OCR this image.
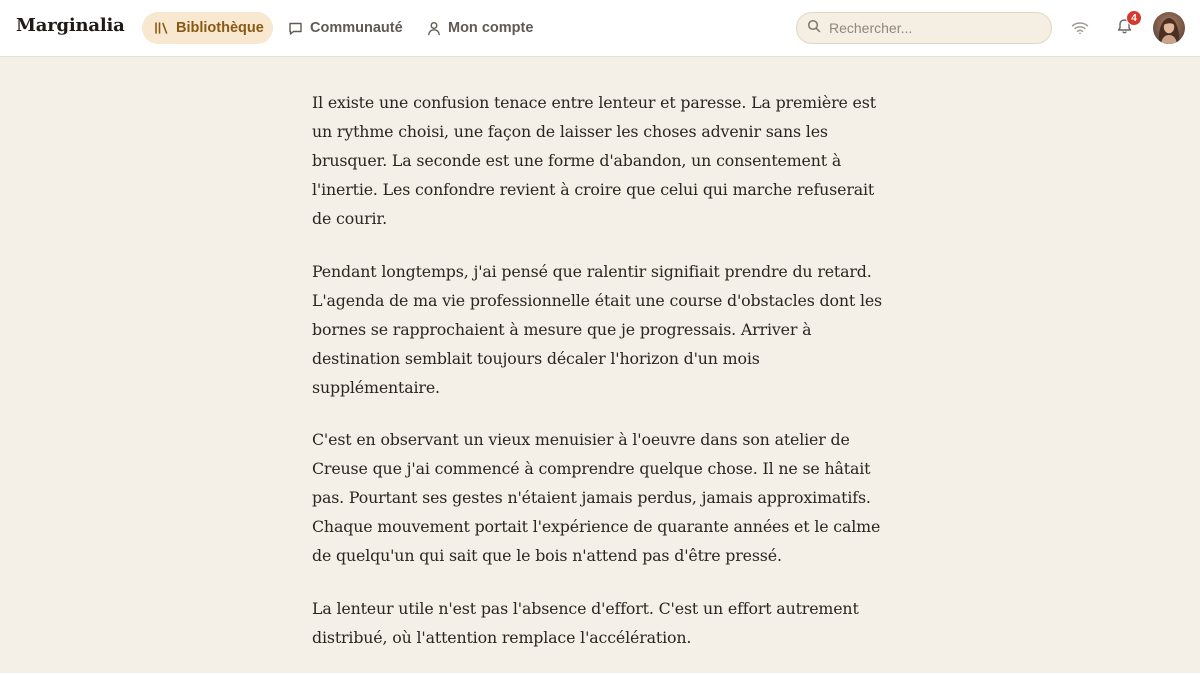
Marginalia	Bibliothèque	Communauté	Mon compte
Rechercher...
4

Il existe une confusion tenace entre lenteur et paresse. La première est un rythme choisi, une façon de laisser les choses advenir sans les brusquer. La seconde est une forme d'abandon, un consentement à l'inertie. Les confondre revient à croire que celui qui marche refuserait de courir.

Pendant longtemps, j'ai pensé que ralentir signifiait prendre du retard. L'agenda de ma vie professionnelle était une course d'obstacles dont les bornes se rapprochaient à mesure que je progressais. Arriver à destination semblait toujours décaler l'horizon d'un mois supplémentaire.

C'est en observant un vieux menuisier à l'oeuvre dans son atelier de Creuse que j'ai commencé à comprendre quelque chose. Il ne se hâtait pas. Pourtant ses gestes n'étaient jamais perdus, jamais approximatifs. Chaque mouvement portait l'expérience de quarante années et le calme de quelqu'un qui sait que le bois n'attend pas d'être pressé.

La lenteur utile n'est pas l'absence d'effort. C'est un effort autrement distribué, où l'attention remplace l'accélération.
